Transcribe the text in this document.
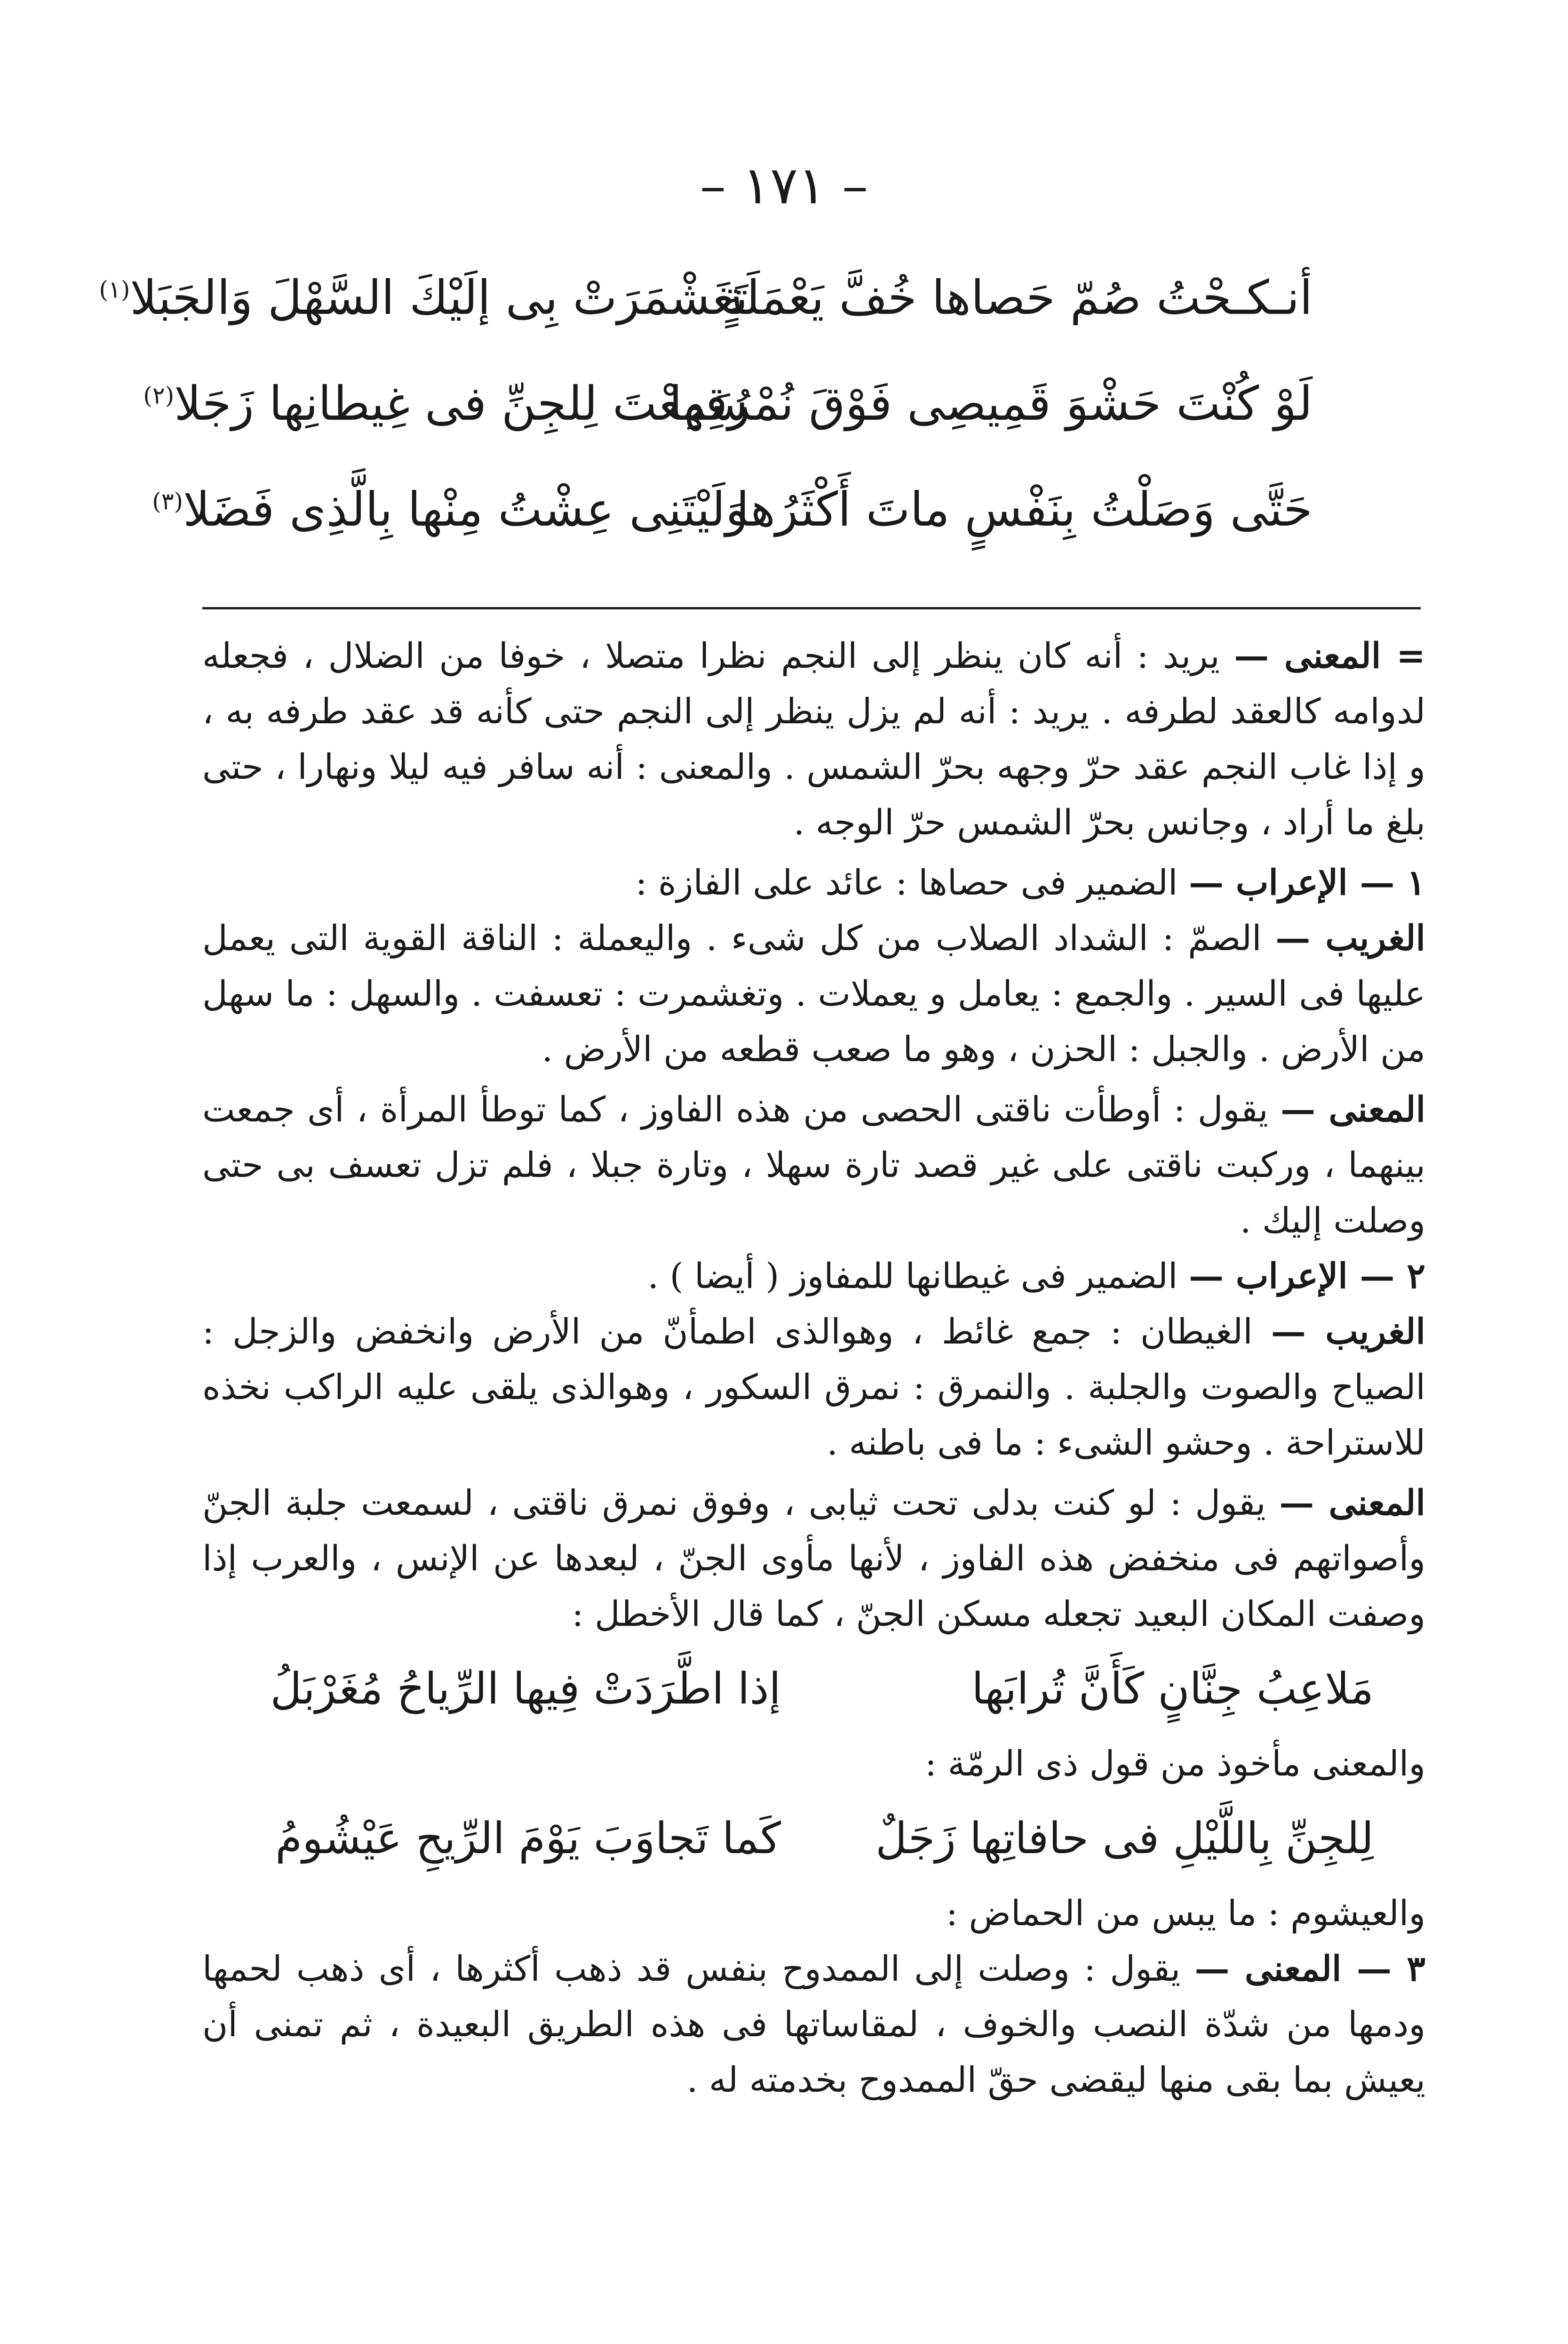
– ١٧١ –
أنـكـحْتُ صُمّ حَصاها خُفَّ يَعْمَلَةٍ
تَغَشْمَرَتْ بِى إلَيْكَ السَّهْلَ وَالجَبَلا$^{(١)}$
لَوْ كُنْتَ حَشْوَ قَمِيصِى فَوْقَ نُمْرُقِها
سَمِعْتَ لِلجِنِّ فى غِيطانِها زَجَلا$^{(٢)}$
حَتَّى وَصَلْتُ بِنَفْسٍ ماتَ أَكْثَرُها
وَلَيْتَنِى عِشْتُ مِنْها بِالَّذِى فَضَلا$^{(٣)}$

= المعنى — يريد : أنه كان ينظر إلى النجم نظرا متصلا ، خوفا من الضلال ، فجعله لدوامه كالعقد لطرفه . يريد : أنه لم يزل ينظر إلى النجم حتى كأنه قد عقد طرفه به ، و إذا غاب النجم عقد حرّ وجهه بحرّ الشمس . والمعنى : أنه سافر فيه ليلا ونهارا ، حتى بلغ ما أراد ، وجانس بحرّ الشمس حرّ الوجه .

١ — الإعراب — الضمير فى حصاها : عائد على الفازة :

الغريب — الصمّ : الشداد الصلاب من كل شىء . واليعملة : الناقة القوية التى يعمل عليها فى السير . والجمع : يعامل و يعملات . وتغشمرت : تعسفت . والسهل : ما سهل من الأرض . والجبل : الحزن ، وهو ما صعب قطعه من الأرض .

المعنى — يقول : أوطأت ناقتى الحصى من هذه الفاوز ، كما توطأ المرأة ، أى جمعت بينهما ، وركبت ناقتى على غير قصد تارة سهلا ، وتارة جبلا ، فلم تزل تعسف بى حتى وصلت إليك .

٢ — الإعراب — الضمير فى غيطانها للمفاوز ( أيضا ) .

الغريب — الغيطان : جمع غائط ، وهوالذى اطمأنّ من الأرض وانخفض والزجل : الصياح والصوت والجلبة . والنمرق : نمرق السكور ، وهوالذى يلقى عليه الراكب نخذه للاستراحة . وحشو الشىء : ما فى باطنه .

المعنى — يقول : لو كنت بدلى تحت ثيابى ، وفوق نمرق ناقتى ، لسمعت جلبة الجنّ وأصواتهم فى منخفض هذه الفاوز ، لأنها مأوى الجنّ ، لبعدها عن الإنس ، والعرب إذا وصفت المكان البعيد تجعله مسكن الجنّ ، كما قال الأخطل :

مَلاعِبُ جِنَّانٍ كَأَنَّ تُرابَها
إذا اطَّرَدَتْ فِيها الرِّياحُ مُغَرْبَلُ

والمعنى مأخوذ من قول ذى الرمّة :

لِلجِنِّ بِاللَّيْلِ فى حافاتِها زَجَلٌ
كَما تَجاوَبَ يَوْمَ الرِّيحِ عَيْشُومُ

والعيشوم : ما يبس من الحماض :

٣ — المعنى — يقول : وصلت إلى الممدوح بنفس قد ذهب أكثرها ، أى ذهب لحمها ودمها من شدّة النصب والخوف ، لمقاساتها فى هذه الطريق البعيدة ، ثم تمنى أن يعيش بما بقى منها ليقضى حقّ الممدوح بخدمته له .
